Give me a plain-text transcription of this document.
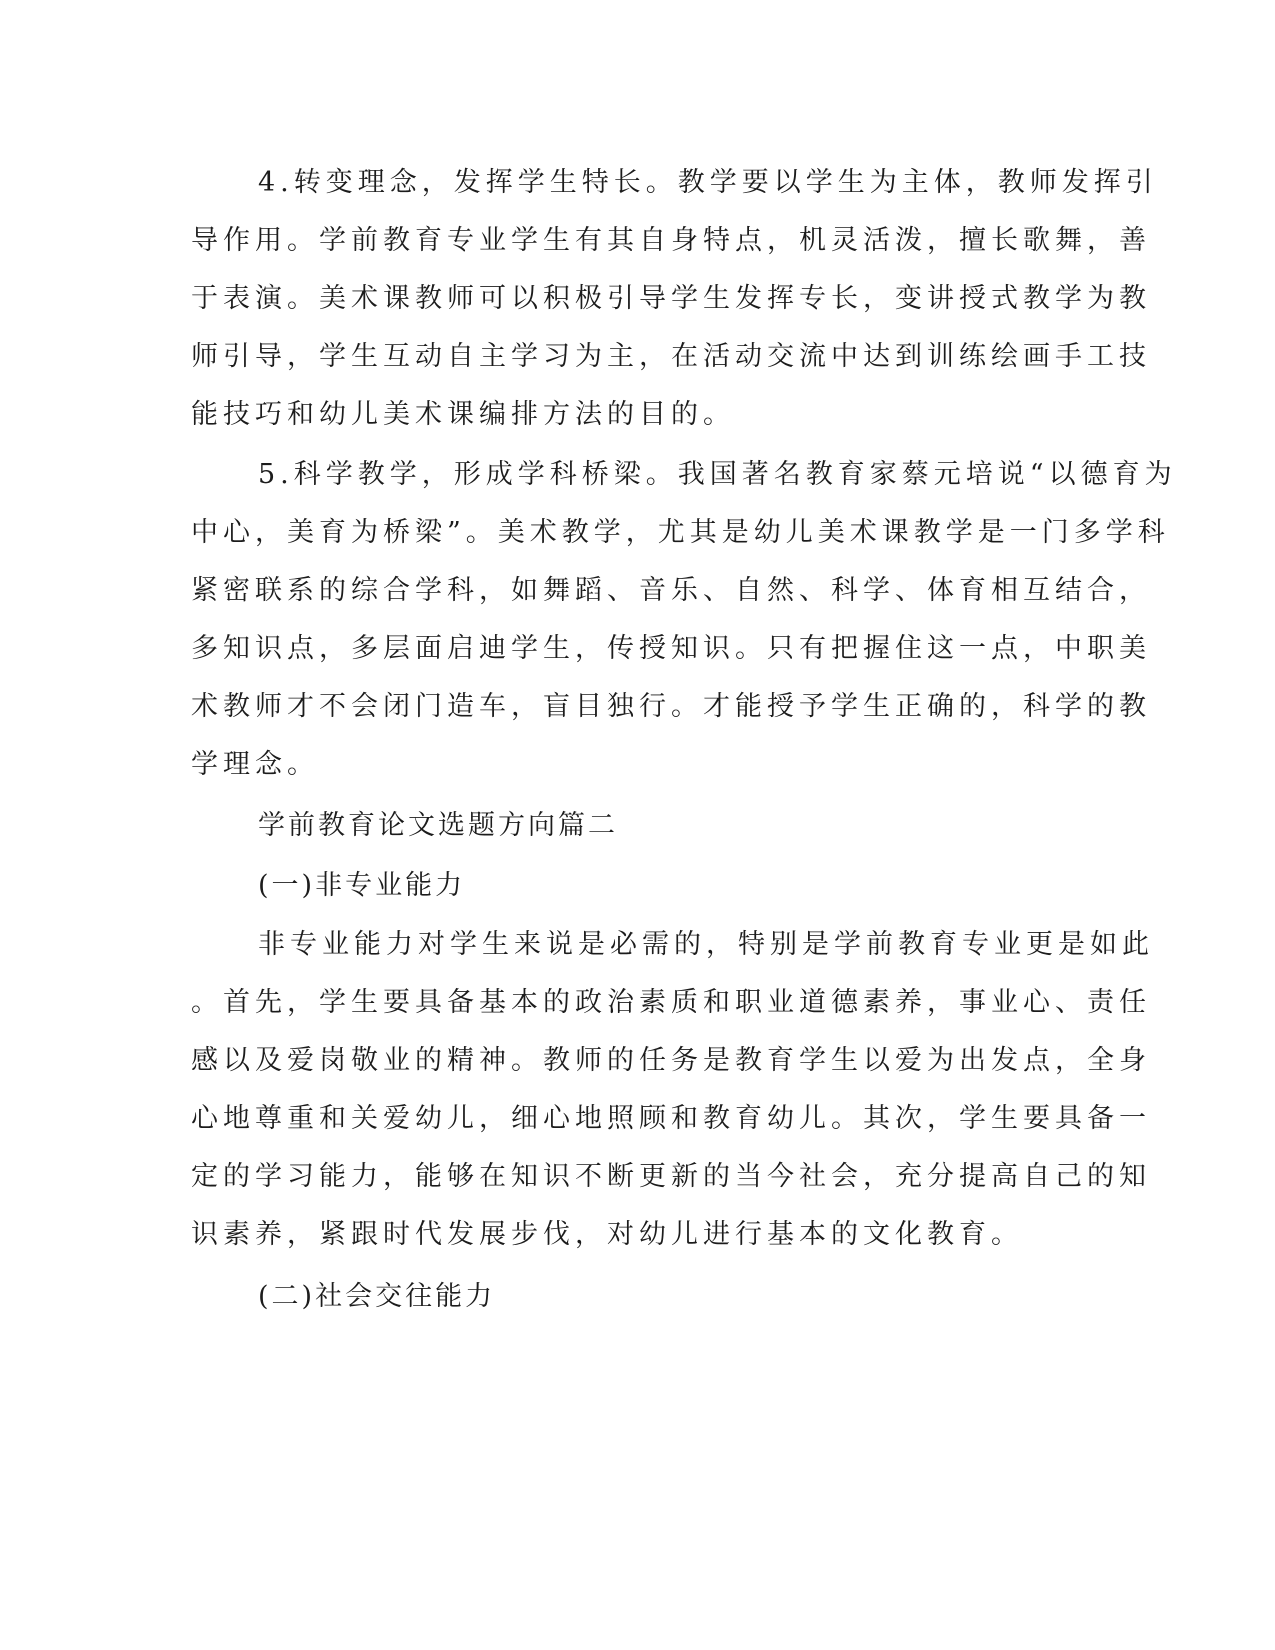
4.转变理念，发挥学生特长。教学要以学生为主体，教师发挥引
导作用。学前教育专业学生有其自身特点，机灵活泼，擅长歌舞，善
于表演。美术课教师可以积极引导学生发挥专长，变讲授式教学为教
师引导，学生互动自主学习为主，在活动交流中达到训练绘画手工技
能技巧和幼儿美术课编排方法的目的。
5.科学教学，形成学科桥梁。我国著名教育家蔡元培说“以德育为
中心，美育为桥梁”。美术教学，尤其是幼儿美术课教学是一门多学科
紧密联系的综合学科，如舞蹈、音乐、自然、科学、体育相互结合，
多知识点，多层面启迪学生，传授知识。只有把握住这一点，中职美
术教师才不会闭门造车，盲目独行。才能授予学生正确的，科学的教
学理念。
学前教育论文选题方向篇二
(一)非专业能力
非专业能力对学生来说是必需的，特别是学前教育专业更是如此
。首先，学生要具备基本的政治素质和职业道德素养，事业心、责任
感以及爱岗敬业的精神。教师的任务是教育学生以爱为出发点，全身
心地尊重和关爱幼儿，细心地照顾和教育幼儿。其次，学生要具备一
定的学习能力，能够在知识不断更新的当今社会，充分提高自己的知
识素养，紧跟时代发展步伐，对幼儿进行基本的文化教育。
(二)社会交往能力
